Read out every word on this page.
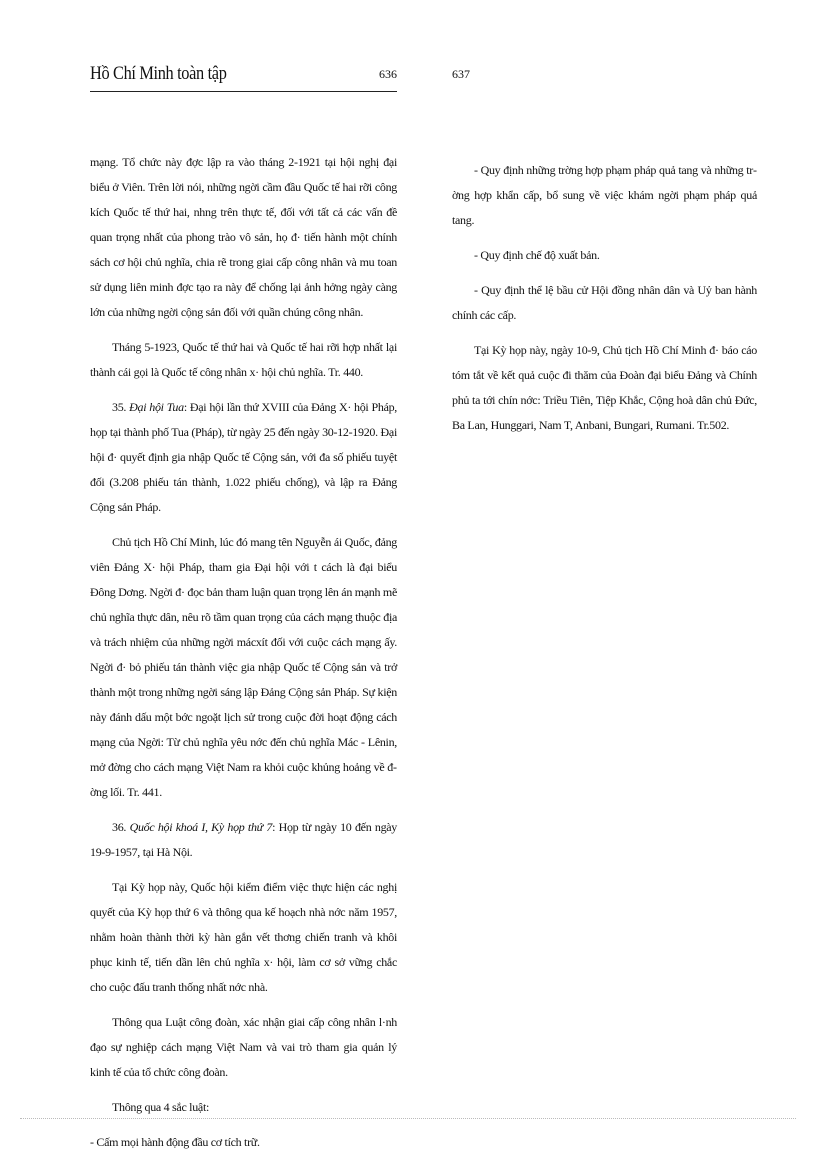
Hồ Chí Minh toàn tập	636	637

mạng. Tổ chức này đợc lập ra vào tháng 2-1921 tại hội nghị đại biểu ở Viên. Trên lời nói, những ngời cầm đầu Quốc tế hai rỡi công kích Quốc tế thứ hai, nhng trên thực tế, đối với tất cả các vấn đề quan trọng nhất của phong trào vô sản, họ đ· tiến hành một chính sách cơ hội chủ nghĩa, chia rẽ trong giai cấp công nhân và mu toan sử dụng liên minh đợc tạo ra này để chống lại ảnh hởng ngày càng lớn của những ngời cộng sản đối với quần chúng công nhân.

Tháng 5-1923, Quốc tế thứ hai và Quốc tế hai rỡi hợp nhất lại thành cái gọi là Quốc tế công nhân x· hội chủ nghĩa. Tr. 440.

35. Đại hội Tua: Đại hội lần thứ XVIII của Đảng X· hội Pháp, họp tại thành phố Tua (Pháp), từ ngày 25 đến ngày 30-12-1920. Đại hội đ· quyết định gia nhập Quốc tế Cộng sản, với đa số phiếu tuyệt đối (3.208 phiếu tán thành, 1.022 phiếu chống), và lập ra Đảng Cộng sản Pháp.

Chủ tịch Hồ Chí Minh, lúc đó mang tên Nguyễn ái Quốc, đảng viên Đảng X· hội Pháp, tham gia Đại hội với t cách là đại biểu Đông Dơng. Ngời đ· đọc bản tham luận quan trọng lên án mạnh mẽ chủ nghĩa thực dân, nêu rõ tầm quan trọng của cách mạng thuộc địa và trách nhiệm của những ngời mácxít đối với cuộc cách mạng ấy. Ngời đ· bỏ phiếu tán thành việc gia nhập Quốc tế Cộng sản và trở thành một trong những ngời sáng lập Đảng Cộng sản Pháp. Sự kiện này đánh dấu một bớc ngoặt lịch sử trong cuộc đời hoạt động cách mạng của Ngời: Từ chủ nghĩa yêu nớc đến chủ nghĩa Mác - Lênin, mở đờng cho cách mạng Việt Nam ra khỏi cuộc khủng hoảng về đờng lối. Tr. 441.

36. Quốc hội khoá I, Kỳ họp thứ 7: Họp từ ngày 10 đến ngày 19-9-1957, tại Hà Nội.

Tại Kỳ họp này, Quốc hội kiểm điểm việc thực hiện các nghị quyết của Kỳ họp thứ 6 và thông qua kế hoạch nhà nớc năm 1957, nhằm hoàn thành thời kỳ hàn gắn vết thơng chiến tranh và khôi phục kinh tế, tiến dần lên chủ nghĩa x· hội, làm cơ sở vững chắc cho cuộc đấu tranh thống nhất nớc nhà.

Thông qua Luật công đoàn, xác nhận giai cấp công nhân l·nh đạo sự nghiệp cách mạng Việt Nam và vai trò tham gia quản lý kinh tế của tổ chức công đoàn.

Thông qua 4 sắc luật:

- Cấm mọi hành động đầu cơ tích trữ.

- Quy định những trờng hợp phạm pháp quả tang và những trờng hợp khẩn cấp, bổ sung về việc khám ngời phạm pháp quả tang.

- Quy định chế độ xuất bản.

- Quy định thể lệ bầu cử Hội đồng nhân dân và Uỷ ban hành chính các cấp.

Tại Kỳ họp này, ngày 10-9, Chủ tịch Hồ Chí Minh đ· báo cáo tóm tắt về kết quả cuộc đi thăm của Đoàn đại biểu Đảng và Chính phủ ta tới chín nớc: Triều Tiên, Tiệp Khắc, Cộng hoà dân chủ Đức, Ba Lan, Hunggari, Nam T, Anbani, Bungari, Rumani. Tr.502.
